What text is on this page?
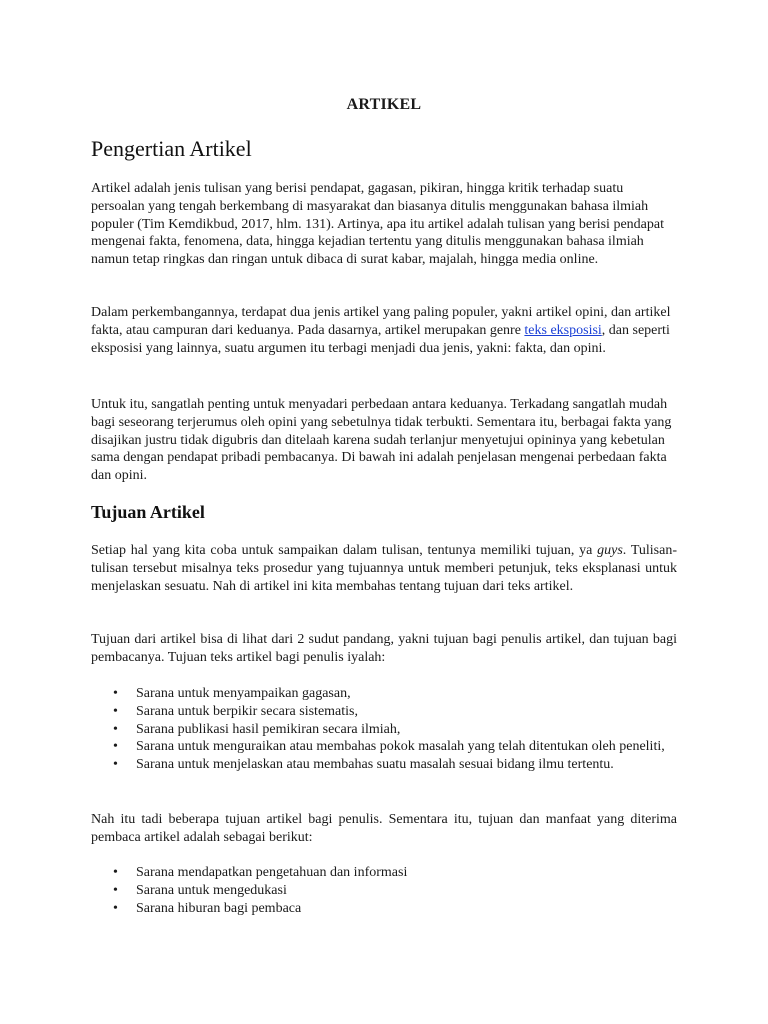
ARTIKEL
Pengertian Artikel

Artikel adalah jenis tulisan yang berisi pendapat, gagasan, pikiran, hingga kritik terhadap suatu persoalan yang tengah berkembang di masyarakat dan biasanya ditulis menggunakan bahasa ilmiah populer (Tim Kemdikbud, 2017, hlm. 131). Artinya, apa itu artikel adalah tulisan yang berisi pendapat mengenai fakta, fenomena, data, hingga kejadian tertentu yang ditulis menggunakan bahasa ilmiah namun tetap ringkas dan ringan untuk dibaca di surat kabar, majalah, hingga media online.

Dalam perkembangannya, terdapat dua jenis artikel yang paling populer, yakni artikel opini, dan artikel fakta, atau campuran dari keduanya. Pada dasarnya, artikel merupakan genre teks eksposisi, dan seperti eksposisi yang lainnya, suatu argumen itu terbagi menjadi dua jenis, yakni: fakta, dan opini.

Untuk itu, sangatlah penting untuk menyadari perbedaan antara keduanya. Terkadang sangatlah mudah bagi seseorang terjerumus oleh opini yang sebetulnya tidak terbukti. Sementara itu, berbagai fakta yang disajikan justru tidak digubris dan ditelaah karena sudah terlanjur menyetujui opininya yang kebetulan sama dengan pendapat pribadi pembacanya. Di bawah ini adalah penjelasan mengenai perbedaan fakta dan opini.

Tujuan Artikel

Setiap hal yang kita coba untuk sampaikan dalam tulisan, tentunya memiliki tujuan, ya guys. Tulisan-tulisan tersebut misalnya teks prosedur yang tujuannya untuk memberi petunjuk, teks eksplanasi untuk menjelaskan sesuatu. Nah di artikel ini kita membahas tentang tujuan dari teks artikel.

Tujuan dari artikel bisa di lihat dari 2 sudut pandang, yakni tujuan bagi penulis artikel, dan tujuan bagi pembacanya. Tujuan teks artikel bagi penulis iyalah:

• Sarana untuk menyampaikan gagasan,
• Sarana untuk berpikir secara sistematis,
• Sarana publikasi hasil pemikiran secara ilmiah,
• Sarana untuk menguraikan atau membahas pokok masalah yang telah ditentukan oleh peneliti,
• Sarana untuk menjelaskan atau membahas suatu masalah sesuai bidang ilmu tertentu.

Nah itu tadi beberapa tujuan artikel bagi penulis. Sementara itu, tujuan dan manfaat yang diterima pembaca artikel adalah sebagai berikut:

• Sarana mendapatkan pengetahuan dan informasi
• Sarana untuk mengedukasi
• Sarana hiburan bagi pembaca
